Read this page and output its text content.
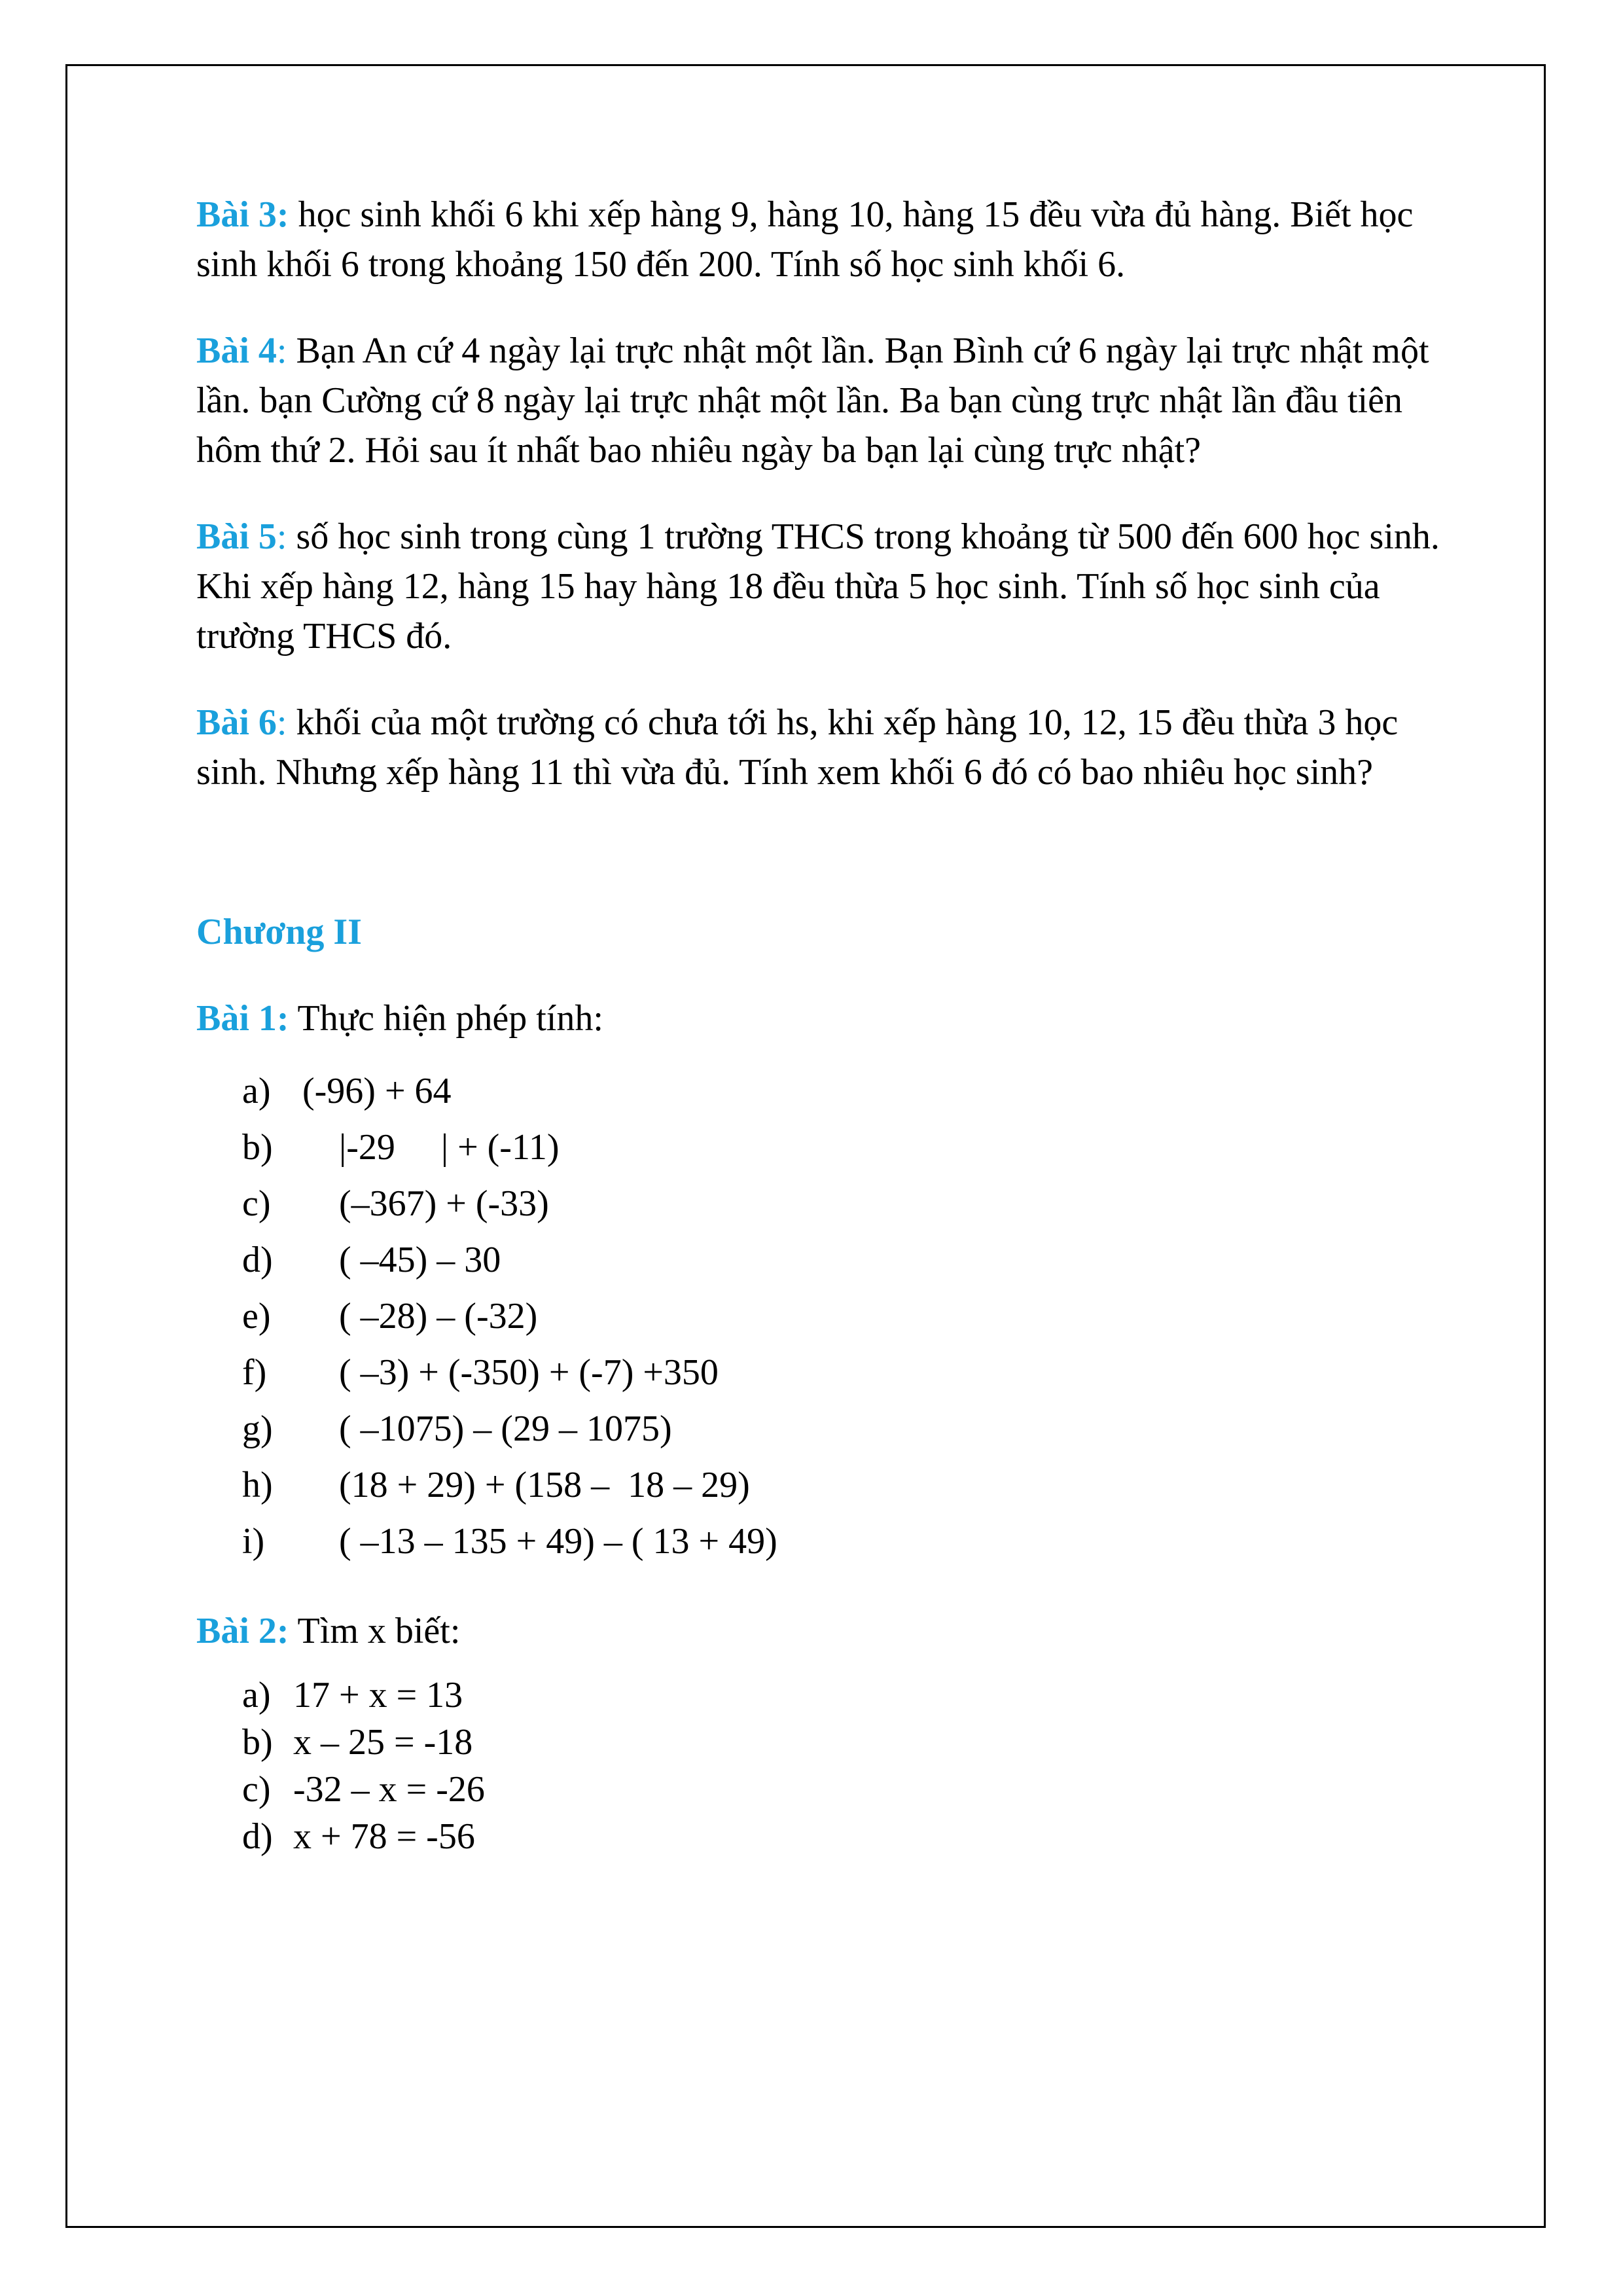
Bài 3: học sinh khối 6 khi xếp hàng 9, hàng 10, hàng 15 đều vừa đủ hàng. Biết học sinh khối 6 trong khoảng 150 đến 200. Tính số học sinh khối 6.

Bài 4: Bạn An cứ 4 ngày lại trực nhật một lần. Bạn Bình cứ 6 ngày lại trực nhật một lần. bạn Cường cứ 8 ngày lại trực nhật một lần. Ba bạn cùng trực nhật lần đầu tiên hôm thứ 2. Hỏi sau ít nhất bao nhiêu ngày ba bạn lại cùng trực nhật?

Bài 5: số học sinh trong cùng 1 trường THCS trong khoảng từ 500 đến 600 học sinh. Khi xếp hàng 12, hàng 15 hay hàng 18 đều thừa 5 học sinh. Tính số học sinh của trường THCS đó.

Bài 6: khối của một trường có chưa tới hs, khi xếp hàng 10, 12, 15 đều thừa 3 học sinh. Nhưng xếp hàng 11 thì vừa đủ. Tính xem khối 6 đó có bao nhiêu học sinh?

Chương II

Bài 1: Thực hiện phép tính:

a) (-96) + 64
b) |-29     | + (-11)
c) (–367) + (-33)
d) ( –45) – 30
e) ( –28) – (-32)
f) ( –3) + (-350) + (-7) +350
g) ( –1075) – (29 – 1075)
h) (18 + 29) + (158 –  18 – 29)
i) ( –13 – 135 + 49) – ( 13 + 49)

Bài 2: Tìm x biết:

a) 17 + x = 13
b) x – 25 = -18
c) -32 – x = -26
d) x + 78 = -56
